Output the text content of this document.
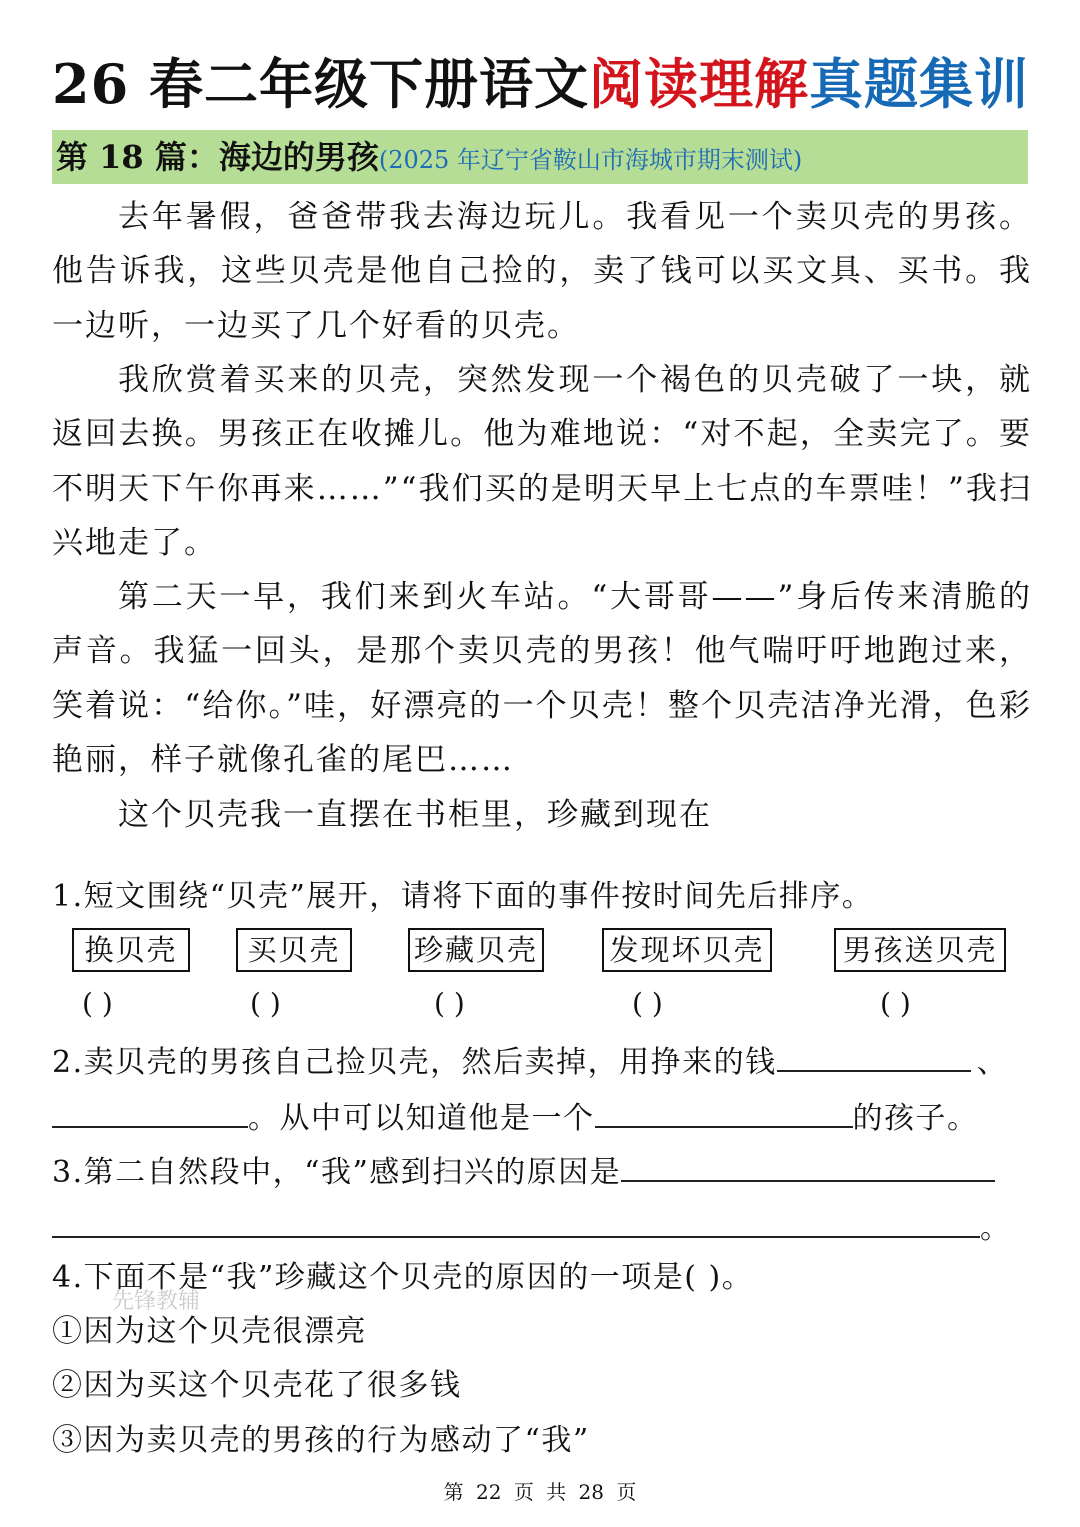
26 春二年级下册语文阅读理解真题集训
第 18 篇：海边的男孩(2025 年辽宁省鞍山市海城市期末测试)

去年暑假，爸爸带我去海边玩儿。我看见一个卖贝壳的男孩。他告诉我，这些贝壳是他自己捡的，卖了钱可以买文具、买书。我一边听，一边买了几个好看的贝壳。

我欣赏着买来的贝壳，突然发现一个褐色的贝壳破了一块，就返回去换。男孩正在收摊儿。他为难地说：“对不起，全卖完了。要不明天下午你再来……”“我们买的是明天早上七点的车票哇！”我扫兴地走了。

第二天一早，我们来到火车站。“大哥哥——”身后传来清脆的声音。我猛一回头，是那个卖贝壳的男孩！他气喘吁吁地跑过来，笑着说：“给你。”哇，好漂亮的一个贝壳！整个贝壳洁净光滑，色彩艳丽，样子就像孔雀的尾巴……

这个贝壳我一直摆在书柜里，珍藏到现在

1.短文围绕“贝壳”展开，请将下面的事件按时间先后排序。
换贝壳	买贝壳	珍藏贝壳 发现坏贝壳	男孩送贝壳
( )	( )	( )	( )	( )
2.卖贝壳的男孩自己捡贝壳，然后卖掉，用挣来的钱	、
。从中可以知道他是一个	的孩子。
3.第二自然段中，“我”感到扫兴的原因是
。
4.下面不是“我”珍藏这个贝壳的原因的一项是( )。
①因为这个贝壳很漂亮
②因为买这个贝壳花了很多钱
③因为卖贝壳的男孩的行为感动了“我”
先锋教辅
第 22 页 共 28 页
